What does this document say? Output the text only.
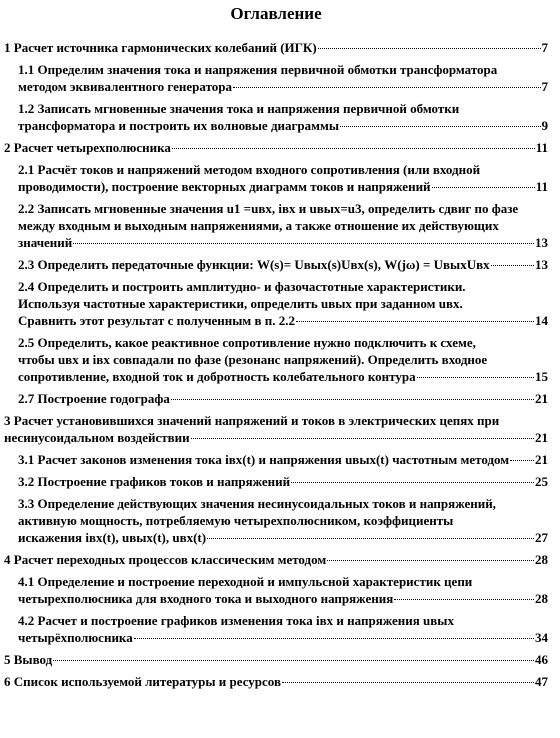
Оглавление
1 Расчет источника гармонических колебаний (ИГК)	7
1.1 Определим значения тока и напряжения первичной обмотки трансформатора
методом эквивалентного генератора	7
1.2 Записать мгновенные значения тока и напряжения первичной обмотки
трансформатора и построить их волновые диаграммы	9
2 Расчет четырехполюсника	11
2.1 Расчёт токов и напряжений методом входного сопротивления (или входной
проводимости), построение векторных диаграмм токов и напряжений	11
2.2 Записать мгновенные значения u1 =uвх, iвх и uвых=u3, определить сдвиг по фазе
между входным и выходным напряжениями, а также отношение их действующих
значений	13
2.3 Определить передаточные функции: W(s)= Uвых(s)Uвх(s), W(jω) = UвыхUвх	13
2.4 Определить и построить амплитудно- и фазочастотные характеристики.
Используя частотные характеристики, определить uвых при заданном uвх.
Сравнить этот результат с полученным в п. 2.2	14
2.5 Определить, какое реактивное сопротивление нужно подключить к схеме,
чтобы uвх и iвх совпадали по фазе (резонанс напряжений). Определить входное
сопротивление, входной ток и добротность колебательного контура	15
2.7 Построение годографа	21
3 Расчет установившихся значений напряжений и токов в электрических цепях при
несинусоидальном воздействии	21
3.1 Расчет законов изменения тока iвх(t) и напряжения uвых(t) частотным методом 21
3.2 Построение графиков токов и напряжений	25
3.3 Определение действующих значения несинусоидальных токов и напряжений,
активную мощность, потребляемую четырехполюсником, коэффициенты
искажения iвх(t), uвых(t), uвх(t)	27
4 Расчет переходных процессов классическим методом	28
4.1 Определение и построение переходной и импульсной характеристик цепи
четырехполюсника для входного тока и выходного напряжения	28
4.2 Расчет и построение графиков изменения тока iвх и напряжения uвых
четырёхполюсника	34
5 Вывод	46
6 Список используемой литературы и ресурсов	47
